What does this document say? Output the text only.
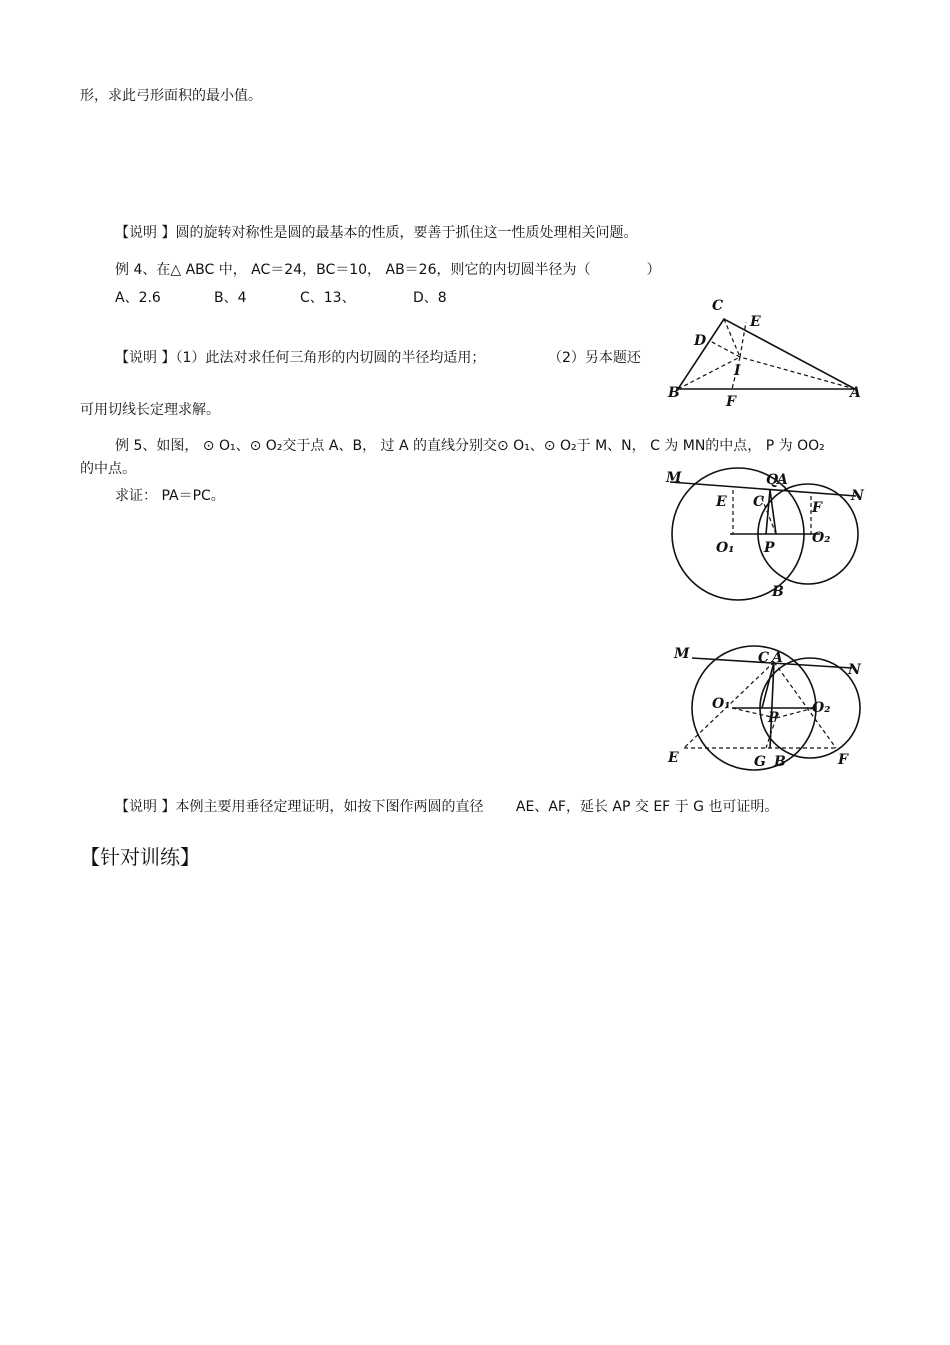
形，求此弓形面积的最小值。
【说明 】圆的旋转对称性是圆的最基本的性质，要善于抓住这一性质处理相关问题。
例 4、在△ ABC 中， AC＝24，BC＝10， AB＝26，则它的内切圆半径为（　　　　）
A、2.6	B、4	C、13、	D、8
【说明 】（1）此法对求任何三角形的内切圆的半径均适用；	（2）另本题还
可用切线长定理求解。
例 5、如图， ⊙ O₁、⊙ O₂交于点 A、B， 过 A 的直线分别交⊙ O₁、⊙ O₂于 M、N， C 为 MN的中点， P 为 OO₂
的中点。
求证： PA＝PC。
【说明 】本例主要用垂径定理证明，如按下图作两圆的直径　　 AE、AF，延长 AP 交 EF 于 G 也可证明。
【针对训练】
C
E
D
I
B
F
A
M	Q
A
N
E C	F
O₁ P
O₂
B
M	C A
N
O₁
P
O₂
E	G B	F
